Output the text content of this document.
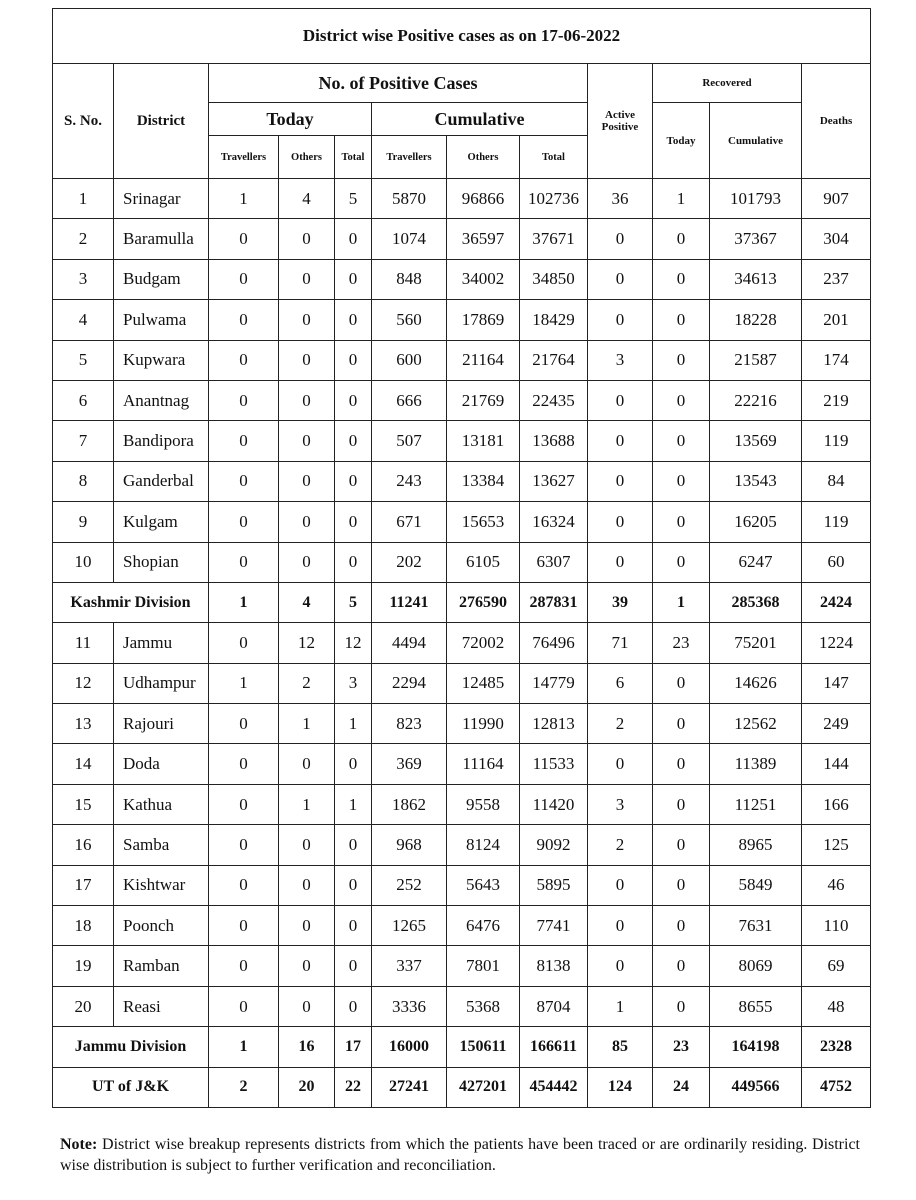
District wise Positive cases as on 17-06-2022											
S. No.	District	No. of Positive Cases						Active Positive	Recovered		Deaths
		Today			Cumulative				Today	Cumulative	
		Travellers	Others	Total	Travellers	Others	Total				
1	Srinagar	1	4	5	5870	96866	102736	36	1	101793	907
2	Baramulla	0	0	0	1074	36597	37671	0	0	37367	304
3	Budgam	0	0	0	848	34002	34850	0	0	34613	237
4	Pulwama	0	0	0	560	17869	18429	0	0	18228	201
5	Kupwara	0	0	0	600	21164	21764	3	0	21587	174
6	Anantnag	0	0	0	666	21769	22435	0	0	22216	219
7	Bandipora	0	0	0	507	13181	13688	0	0	13569	119
8	Ganderbal	0	0	0	243	13384	13627	0	0	13543	84
9	Kulgam	0	0	0	671	15653	16324	0	0	16205	119
10	Shopian	0	0	0	202	6105	6307	0	0	6247	60
Kashmir Division		1	4	5	11241	276590	287831	39	1	285368	2424
11	Jammu	0	12	12	4494	72002	76496	71	23	75201	1224
12	Udhampur	1	2	3	2294	12485	14779	6	0	14626	147
13	Rajouri	0	1	1	823	11990	12813	2	0	12562	249
14	Doda	0	0	0	369	11164	11533	0	0	11389	144
15	Kathua	0	1	1	1862	9558	11420	3	0	11251	166
16	Samba	0	0	0	968	8124	9092	2	0	8965	125
17	Kishtwar	0	0	0	252	5643	5895	0	0	5849	46
18	Poonch	0	0	0	1265	6476	7741	0	0	7631	110
19	Ramban	0	0	0	337	7801	8138	0	0	8069	69
20	Reasi	0	0	0	3336	5368	8704	1	0	8655	48
Jammu Division		1	16	17	16000	150611	166611	85	23	164198	2328
UT of J&K		2	20	22	27241	427201	454442	124	24	449566	4752
Note: District wise breakup represents districts from which the patients have been traced or are ordinarily residing. District wise distribution is subject to further verification and reconciliation.
